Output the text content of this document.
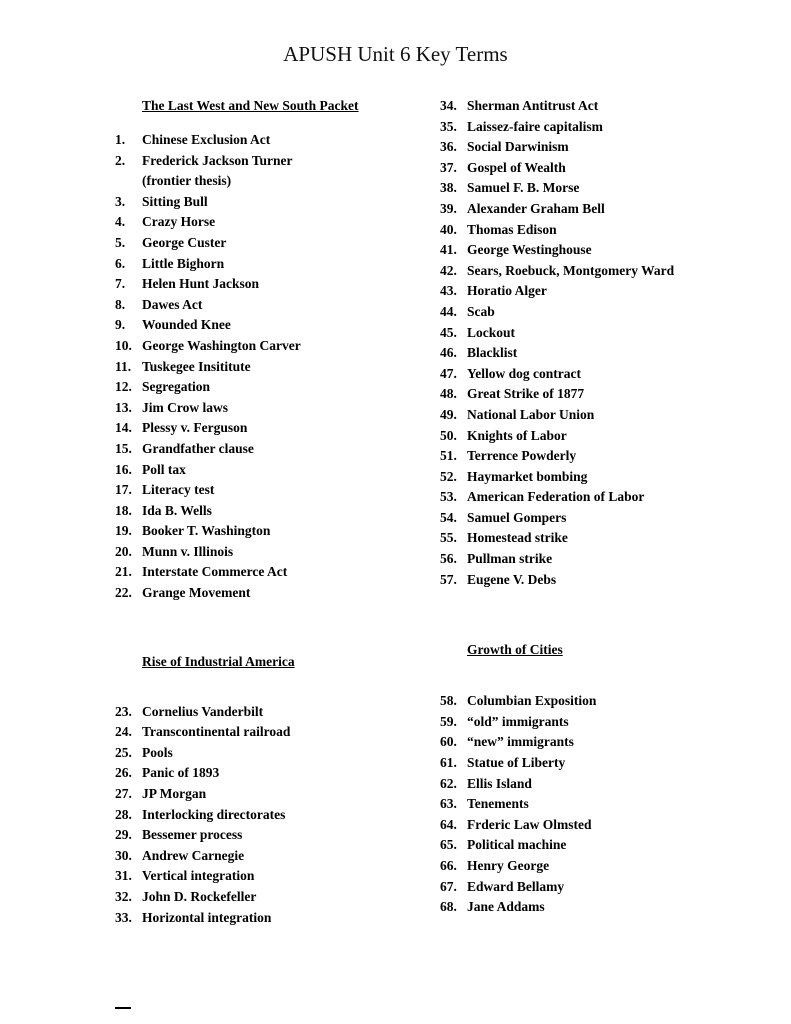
APUSH Unit 6 Key Terms
The Last West and New South Packet
1.	Chinese Exclusion Act
2.	Frederick Jackson Turner (frontier thesis)
3.	Sitting Bull
4.	Crazy Horse
5.	George Custer
6.	Little Bighorn
7.	Helen Hunt Jackson
8.	Dawes Act
9.	Wounded Knee
10. George Washington Carver
11. Tuskegee Insititute
12. Segregation
13. Jim Crow laws
14. Plessy v. Ferguson
15. Grandfather clause
16. Poll tax
17. Literacy test
18. Ida B. Wells
19. Booker T. Washington
20. Munn v. Illinois
21. Interstate Commerce Act
22. Grange Movement
Rise of Industrial America
23. Cornelius Vanderbilt
24. Transcontinental railroad
25. Pools
26. Panic of 1893
27. JP Morgan
28. Interlocking directorates
29. Bessemer process
30. Andrew Carnegie
31. Vertical integration
32. John D. Rockefeller
33. Horizontal integration
34. Sherman Antitrust Act
35. Laissez-faire capitalism
36. Social Darwinism
37. Gospel of Wealth
38. Samuel F. B. Morse
39. Alexander Graham Bell
40. Thomas Edison
41. George Westinghouse
42. Sears, Roebuck, Montgomery Ward
43. Horatio Alger
44. Scab
45. Lockout
46. Blacklist
47. Yellow dog contract
48. Great Strike of 1877
49. National Labor Union
50. Knights of Labor
51. Terrence Powderly
52. Haymarket bombing
53. American Federation of Labor
54. Samuel Gompers
55. Homestead strike
56. Pullman strike
57. Eugene V. Debs
Growth of Cities
58. Columbian Exposition
59. “old” immigrants
60. “new” immigrants
61. Statue of Liberty
62. Ellis Island
63. Tenements
64. Frderic Law Olmsted
65. Political machine
66. Henry George
67. Edward Bellamy
68. Jane Addams
